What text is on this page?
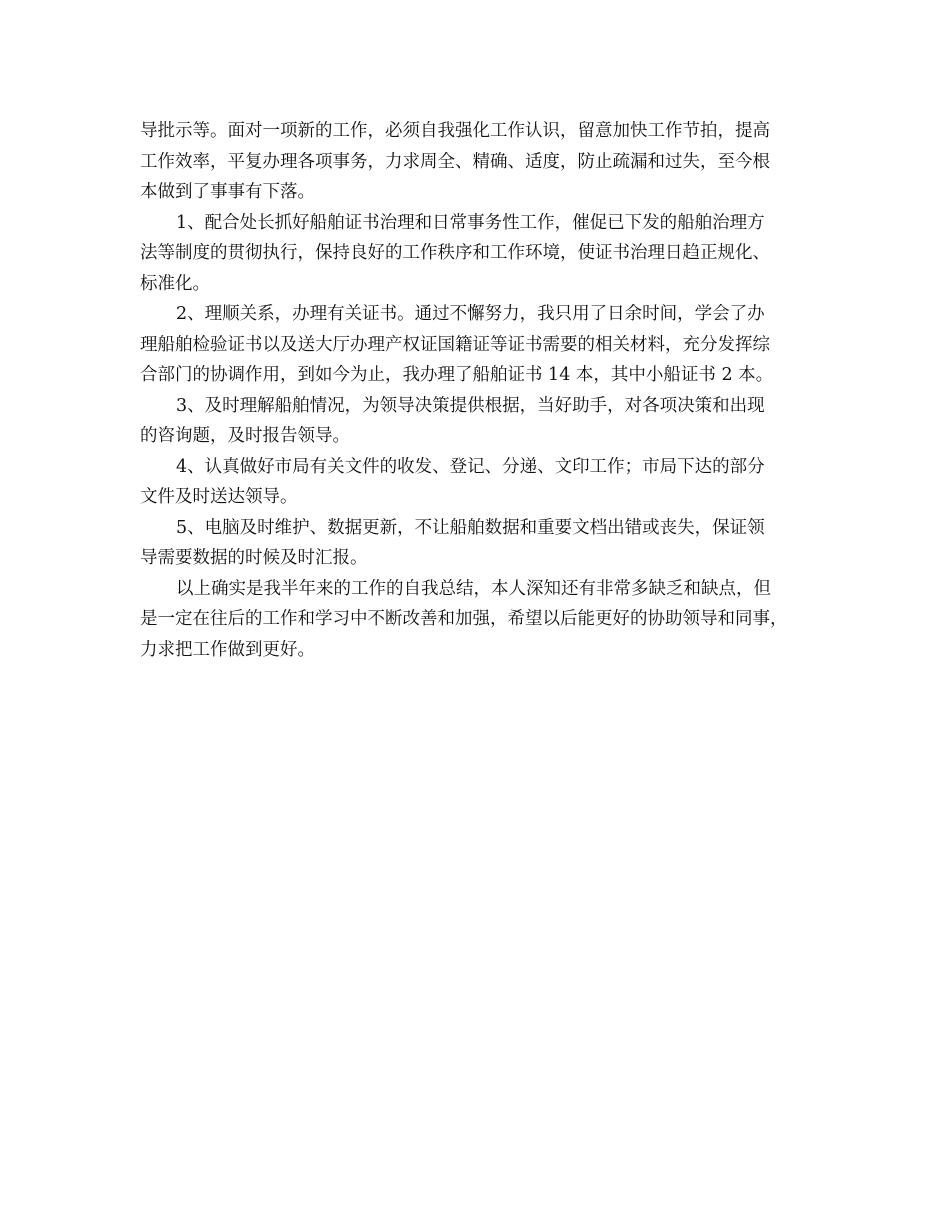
导批示等。面对一项新的工作，必须自我强化工作认识，留意加快工作节拍，提高
工作效率，平复办理各项事务，力求周全、精确、适度，防止疏漏和过失，至今根
本做到了事事有下落。
1、配合处长抓好船舶证书治理和日常事务性工作，催促已下发的船舶治理方
法等制度的贯彻执行，保持良好的工作秩序和工作环境，使证书治理日趋正规化、
标准化。
2、理顺关系，办理有关证书。通过不懈努力，我只用了日余时间，学会了办
理船舶检验证书以及送大厅办理产权证国籍证等证书需要的相关材料，充分发挥综
合部门的协调作用，到如今为止，我办理了船舶证书 14 本，其中小船证书 2 本。
3、及时理解船舶情况，为领导决策提供根据，当好助手，对各项决策和出现
的咨询题，及时报告领导。
4、认真做好市局有关文件的收发、登记、分递、文印工作；市局下达的部分
文件及时送达领导。
5、电脑及时维护、数据更新，不让船舶数据和重要文档出错或丧失，保证领
导需要数据的时候及时汇报。
以上确实是我半年来的工作的自我总结，本人深知还有非常多缺乏和缺点，但
是一定在往后的工作和学习中不断改善和加强，希望以后能更好的协助领导和同事，
力求把工作做到更好。
